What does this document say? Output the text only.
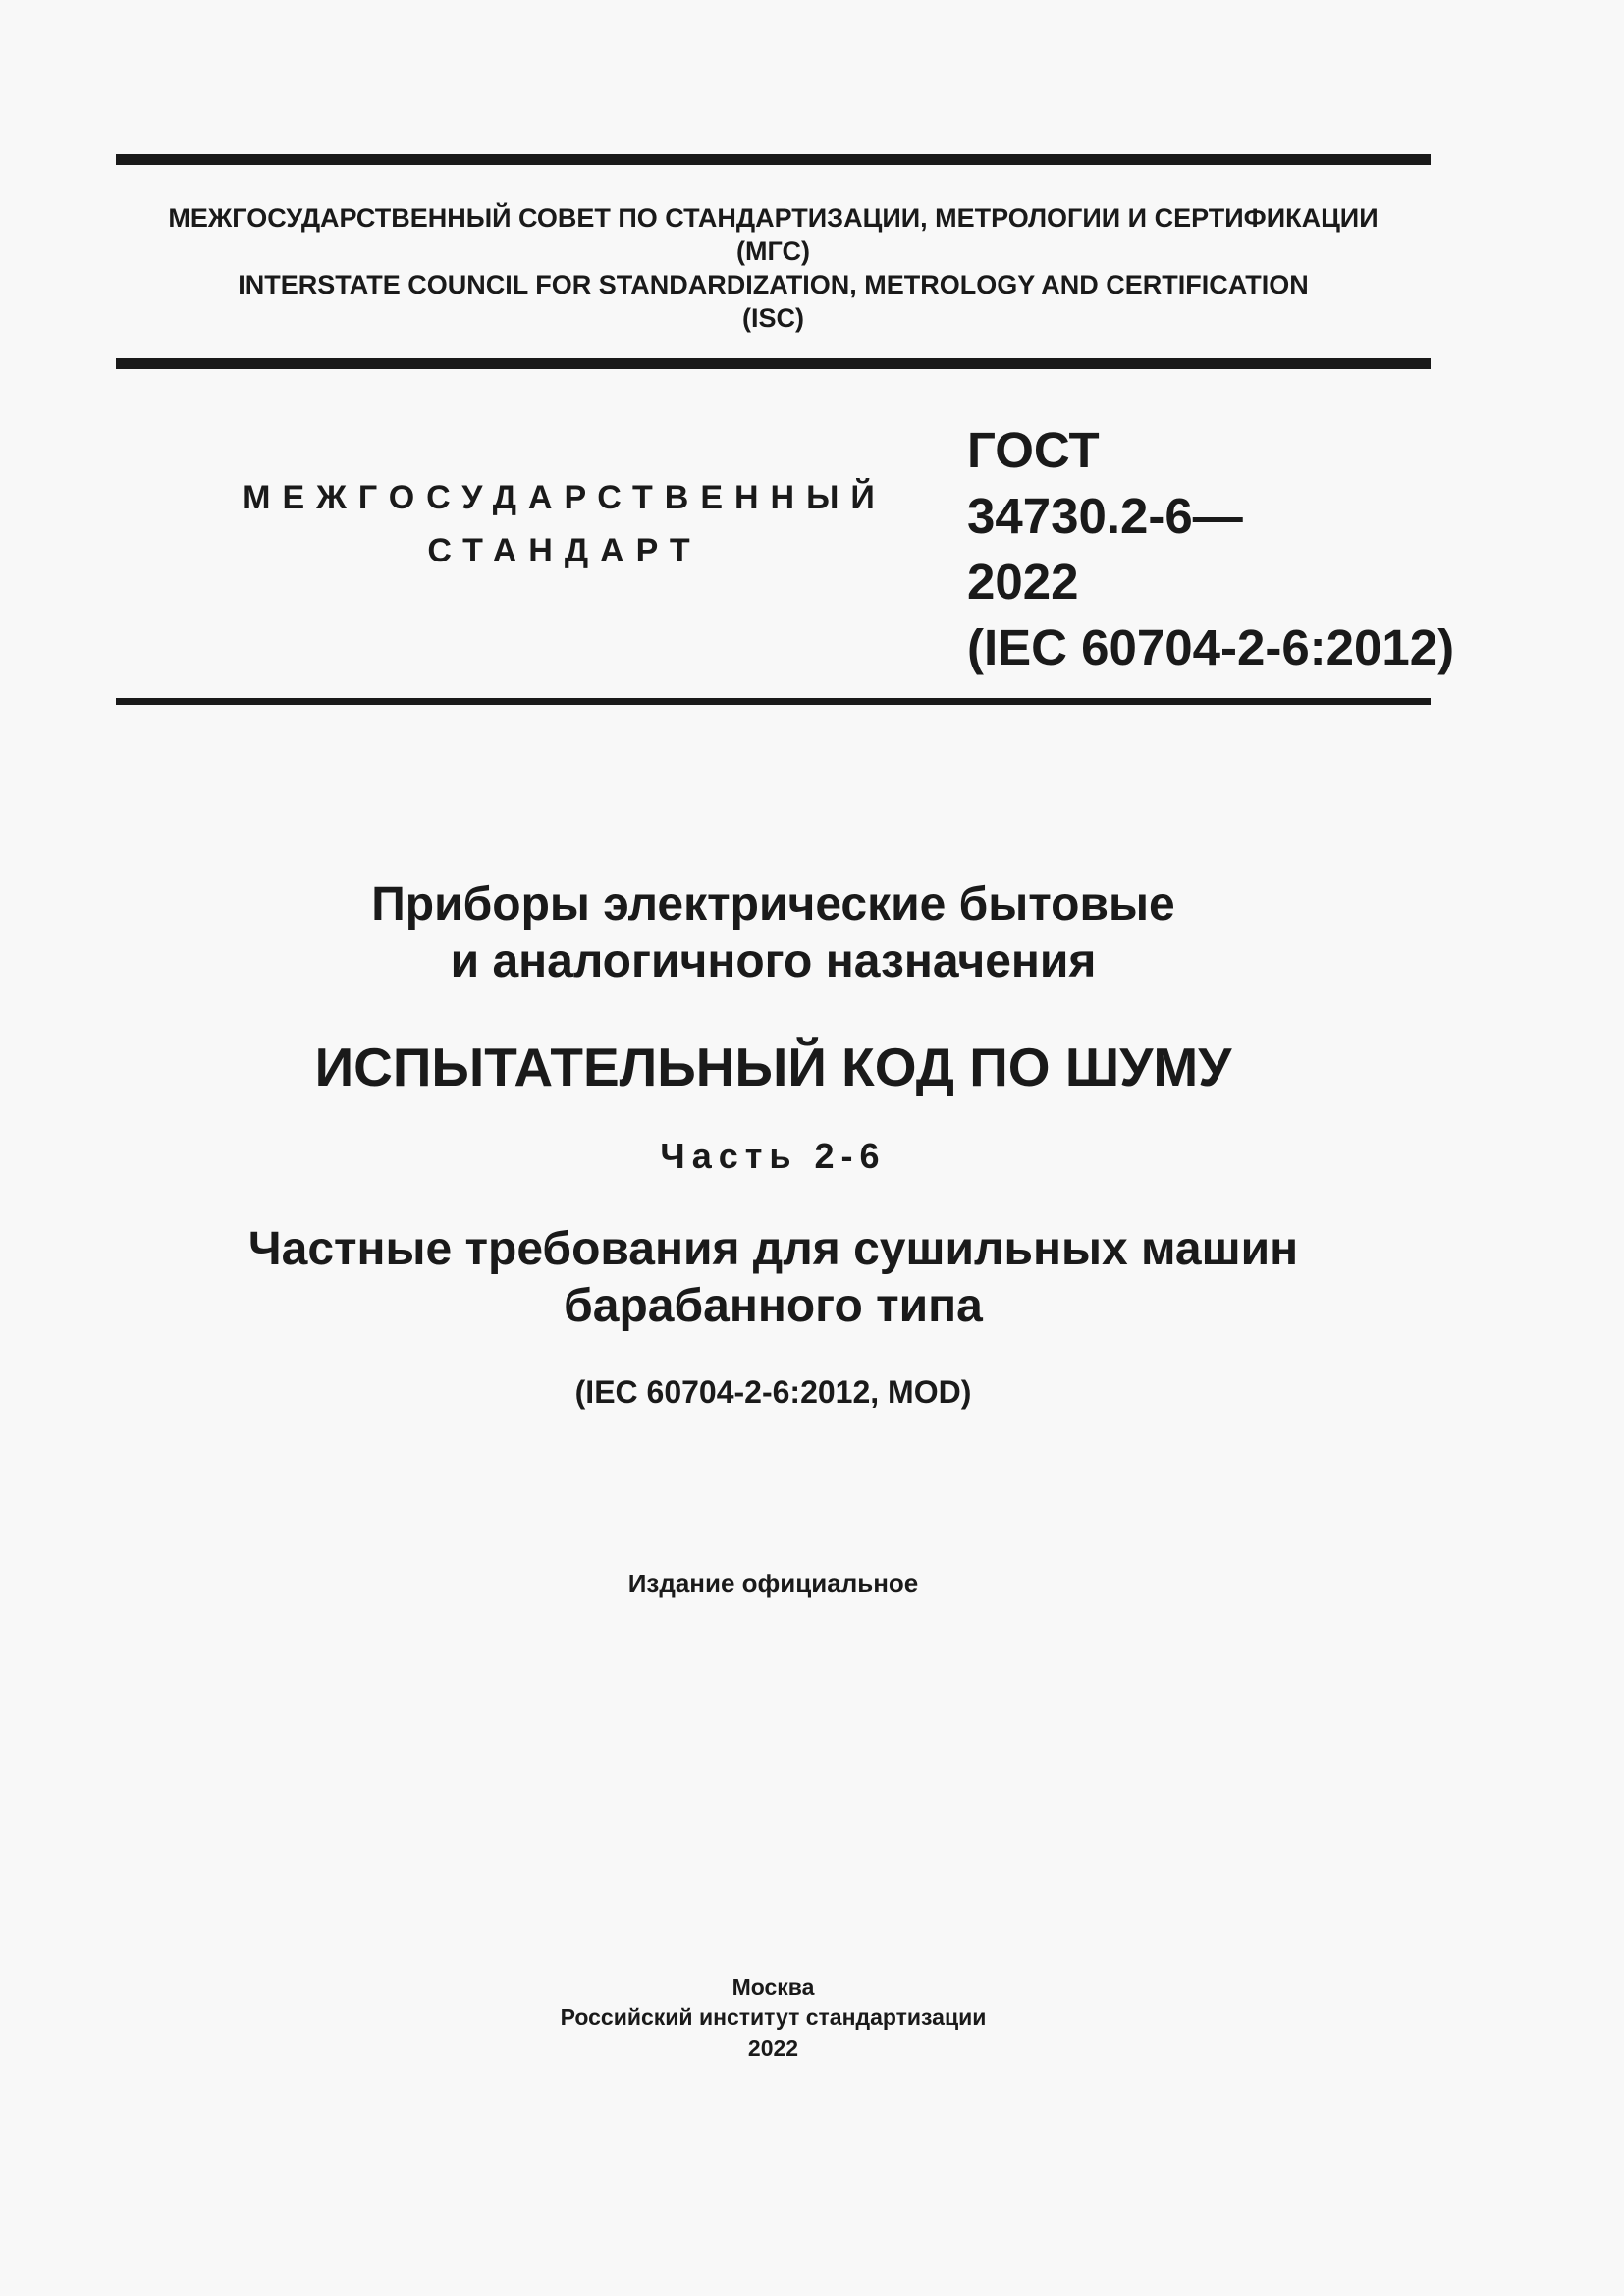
МЕЖГОСУДАРСТВЕННЫЙ СОВЕТ ПО СТАНДАРТИЗАЦИИ, МЕТРОЛОГИИ И СЕРТИФИКАЦИИ
(МГС)
INTERSTATE COUNCIL FOR STANDARDIZATION, METROLOGY AND CERTIFICATION
(ISC)
МЕЖГОСУДАРСТВЕННЫЙ
СТАНДАРТ
ГОСТ
34730.2-6—
2022
(IEC 60704-2-6:2012)
Приборы электрические бытовые
и аналогичного назначения
ИСПЫТАТЕЛЬНЫЙ КОД ПО ШУМУ
Часть 2-6
Частные требования для сушильных машин
барабанного типа
(IEC 60704-2-6:2012, MOD)
Издание официальное
Москва
Российский институт стандартизации
2022
